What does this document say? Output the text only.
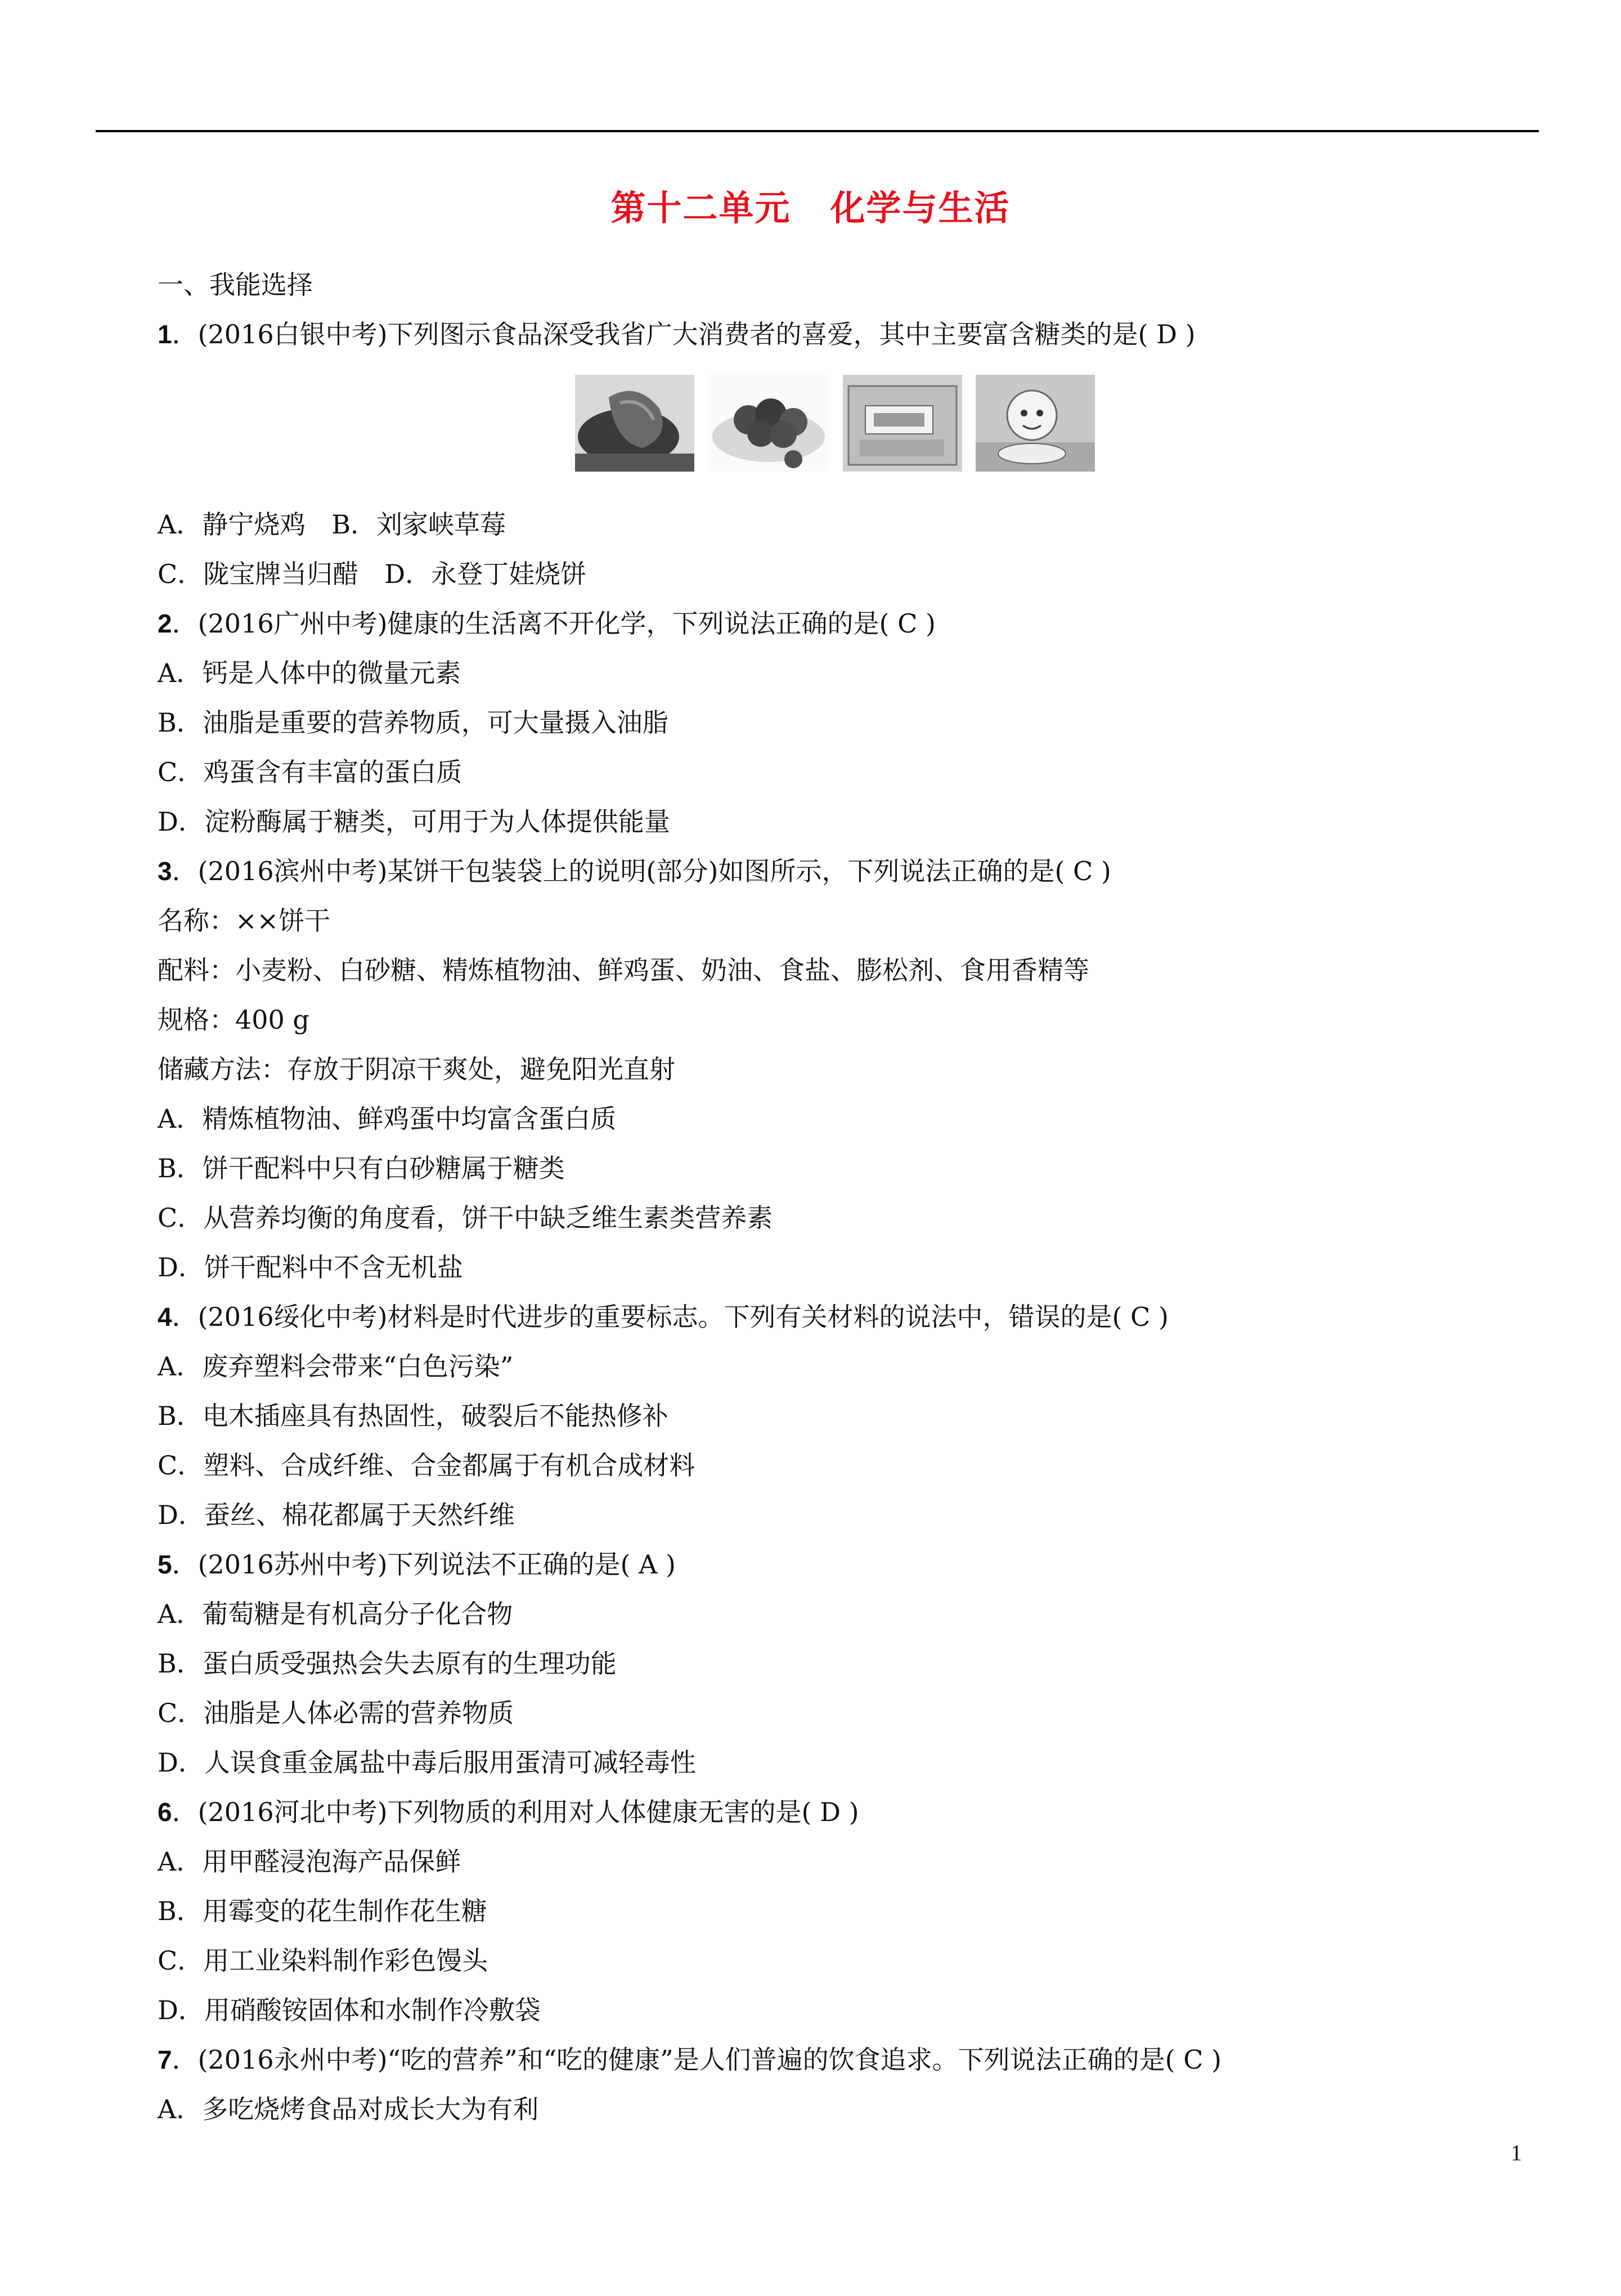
第十二单元 化学与生活
一、我能选择
1．(2016白银中考)下列图示食品深受我省广大消费者的喜爱，其中主要富含糖类的是( D )
A．静宁烧鸡　B．刘家峡草莓
C．陇宝牌当归醋　D．永登丁娃烧饼
2．(2016广州中考)健康的生活离不开化学，下列说法正确的是( C )
A．钙是人体中的微量元素
B．油脂是重要的营养物质，可大量摄入油脂
C．鸡蛋含有丰富的蛋白质
D．淀粉酶属于糖类，可用于为人体提供能量
3．(2016滨州中考)某饼干包装袋上的说明(部分)如图所示，下列说法正确的是( C )
名称：××饼干
配料：小麦粉、白砂糖、精炼植物油、鲜鸡蛋、奶油、食盐、膨松剂、食用香精等
规格：400 g
储藏方法：存放于阴凉干爽处，避免阳光直射
A．精炼植物油、鲜鸡蛋中均富含蛋白质
B．饼干配料中只有白砂糖属于糖类
C．从营养均衡的角度看，饼干中缺乏维生素类营养素
D．饼干配料中不含无机盐
4．(2016绥化中考)材料是时代进步的重要标志。下列有关材料的说法中，错误的是( C )
A．废弃塑料会带来“白色污染”
B．电木插座具有热固性，破裂后不能热修补
C．塑料、合成纤维、合金都属于有机合成材料
D．蚕丝、棉花都属于天然纤维
5．(2016苏州中考)下列说法不正确的是( A )
A．葡萄糖是有机高分子化合物
B．蛋白质受强热会失去原有的生理功能
C．油脂是人体必需的营养物质
D．人误食重金属盐中毒后服用蛋清可减轻毒性
6．(2016河北中考)下列物质的利用对人体健康无害的是( D )
A．用甲醛浸泡海产品保鲜
B．用霉变的花生制作花生糖
C．用工业染料制作彩色馒头
D．用硝酸铵固体和水制作冷敷袋
7．(2016永州中考)“吃的营养”和“吃的健康”是人们普遍的饮食追求。下列说法正确的是( C )
A．多吃烧烤食品对成长大为有利
1
